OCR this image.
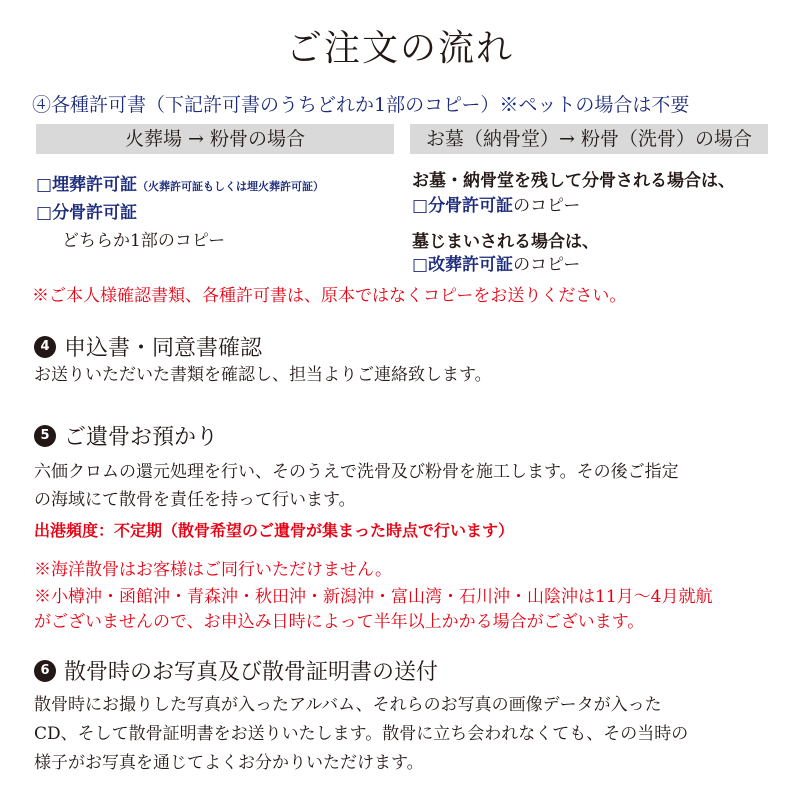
ご注文の流れ
④各種許可書（下記許可書のうちどれか1部のコピー）※ペットの場合は不要
火葬場 → 粉骨の場合
□埋葬許可証（火葬許可証もしくは埋火葬許可証）
□分骨許可証
どちらか1部のコピー
お墓（納骨堂）→ 粉骨（洗骨）の場合
お墓・納骨堂を残して分骨される場合は、
□分骨許可証のコピー
墓じまいされる場合は、
□改葬許可証のコピー
※ご本人様確認書類、各種許可書は、原本ではなくコピーをお送りください。
4 申込書・同意書確認
お送りいただいた書類を確認し、担当よりご連絡致します。
5 ご遺骨お預かり
六価クロムの還元処理を行い、そのうえで洗骨及び粉骨を施工します。その後ご指定
の海域にて散骨を責任を持って行います。
出港頻度：不定期（散骨希望のご遺骨が集まった時点で行います）
※海洋散骨はお客様はご同行いただけません。
※小樽沖・函館沖・青森沖・秋田沖・新潟沖・富山湾・石川沖・山陰沖は11月～4月就航
がございませんので、お申込み日時によって半年以上かかる場合がございます。
6 散骨時のお写真及び散骨証明書の送付
散骨時にお撮りした写真が入ったアルバム、それらのお写真の画像データが入った
CD、そして散骨証明書をお送りいたします。散骨に立ち会われなくても、その当時の
様子がお写真を通じてよくお分かりいただけます。
